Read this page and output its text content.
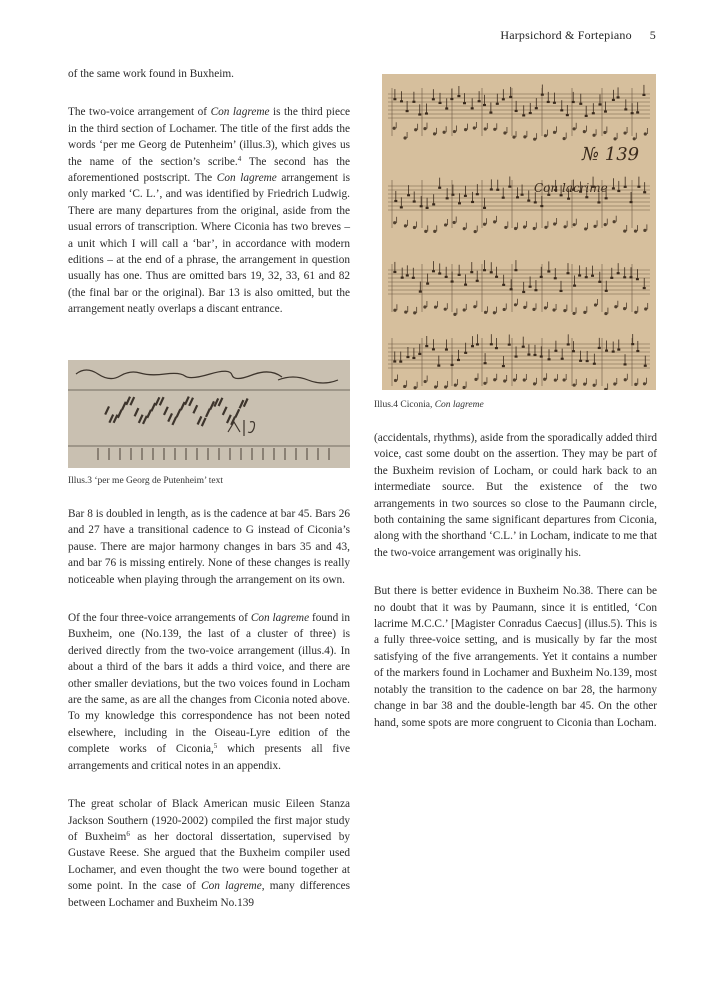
Harpsichord & Fortepiano 5

of the same work found in Buxheim.

The two-voice arrangement of Con lagreme is the third piece in the third section of Lochamer. The title of the first adds the words ‘per me Georg de Putenheim’ (illus.3), which gives us the name of the section’s scribe.$^4$ The second has the aforementioned postscript. The Con lagreme arrangement is only marked ‘C. L.’, and was identified by Friedrich Ludwig. There are many departures from the original, aside from the usual errors of transcription. Where Ciconia has two breves – a unit which I will call a ‘bar’, in accordance with modern editions – at the end of a phrase, the arrangement in question usually has one. Thus are omitted bars 19, 32, 33, 61 and 82 (the final bar or the original). Bar 13 is also omitted, but the arrangement neatly overlaps a discant entrance.

Illus.3 ‘per me Georg de Putenheim’ text

Bar 8 is doubled in length, as is the cadence at bar 45. Bars 26 and 27 have a transitional cadence to G instead of Ciconia’s pause. There are major harmony changes in bars 35 and 43, and bar 76 is missing entirely. None of these changes is really noticeable when playing through the arrangement on its own.

Of the four three-voice arrangements of Con lagreme found in Buxheim, one (No.139, the last of a cluster of three) is derived directly from the two-voice arrangement (illus.4). In about a third of the bars it adds a third voice, and there are other smaller deviations, but the two voices found in Locham are the same, as are all the changes from Ciconia noted above. To my knowledge this correspondence has not been noted elsewhere, including in the Oiseau-Lyre edition of the complete works of Ciconia,$^5$ which presents all five arrangements and critical notes in an appendix.

The great scholar of Black American music Eileen Stanza Jackson Southern (1920-2002) compiled the first major study of Buxheim$^6$ as her doctoral dissertation, supervised by Gustave Reese. She argued that the Buxheim compiler used Lochamer, and even thought the two were bound together at some point. In the case of Con lagreme, many differences between Lochamer and Buxheim No.139

№ 139
Con lacrime

Illus.4 Ciconia, Con lagreme

(accidentals, rhythms), aside from the sporadically added third voice, cast some doubt on the assertion. They may be part of the Buxheim revision of Locham, or could hark back to an intermediate source. But the existence of the two arrangements in two sources so close to the Paumann circle, both containing the same significant departures from Ciconia, along with the shorthand ‘C.L.’ in Locham, indicate to me that the two-voice arrangement was originally his.

But there is better evidence in Buxheim No.38. There can be no doubt that it was by Paumann, since it is entitled, ‘Con lacrime M.C.C.’ [Magister Conradus Caecus] (illus.5). This is a fully three-voice setting, and is musically by far the most satisfying of the five arrangements. Yet it contains a number of the markers found in Lochamer and Buxheim No.139, most notably the transition to the cadence on bar 28, the harmony change in bar 38 and the double-length bar 45. On the other hand, some spots are more congruent to Ciconia than Locham.
